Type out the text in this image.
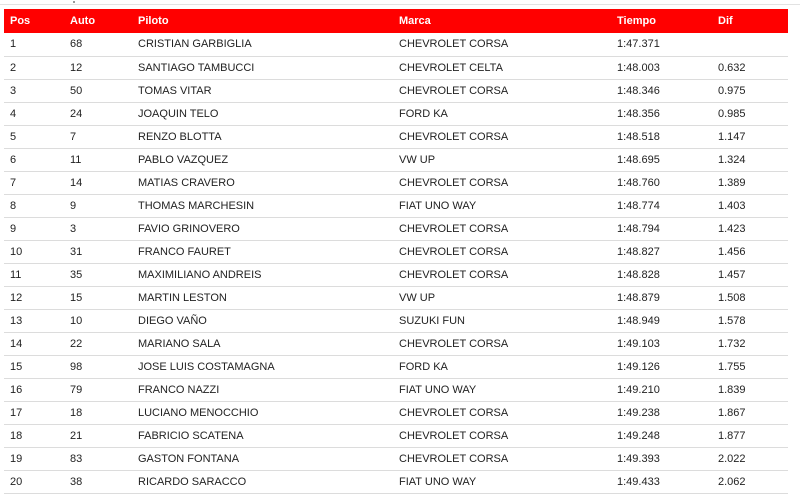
Pos	Auto	Piloto	Marca	Tiempo	Dif
1	68	CRISTIAN GARBIGLIA	CHEVROLET CORSA	1:47.371	
2	12	SANTIAGO TAMBUCCI	CHEVROLET CELTA	1:48.003	0.632
3	50	TOMAS VITAR	CHEVROLET CORSA	1:48.346	0.975
4	24	JOAQUIN TELO	FORD KA	1:48.356	0.985
5	7	RENZO BLOTTA	CHEVROLET CORSA	1:48.518	1.147
6	11	PABLO VAZQUEZ	VW UP	1:48.695	1.324
7	14	MATIAS CRAVERO	CHEVROLET CORSA	1:48.760	1.389
8	9	THOMAS MARCHESIN	FIAT UNO WAY	1:48.774	1.403
9	3	FAVIO GRINOVERO	CHEVROLET CORSA	1:48.794	1.423
10	31	FRANCO FAURET	CHEVROLET CORSA	1:48.827	1.456
11	35	MAXIMILIANO ANDREIS	CHEVROLET CORSA	1:48.828	1.457
12	15	MARTIN LESTON	VW UP	1:48.879	1.508
13	10	DIEGO VAÑO	SUZUKI FUN	1:48.949	1.578
14	22	MARIANO SALA	CHEVROLET CORSA	1:49.103	1.732
15	98	JOSE LUIS COSTAMAGNA	FORD KA	1:49.126	1.755
16	79	FRANCO NAZZI	FIAT UNO WAY	1:49.210	1.839
17	18	LUCIANO MENOCCHIO	CHEVROLET CORSA	1:49.238	1.867
18	21	FABRICIO SCATENA	CHEVROLET CORSA	1:49.248	1.877
19	83	GASTON FONTANA	CHEVROLET CORSA	1:49.393	2.022
20	38	RICARDO SARACCO	FIAT UNO WAY	1:49.433	2.062
